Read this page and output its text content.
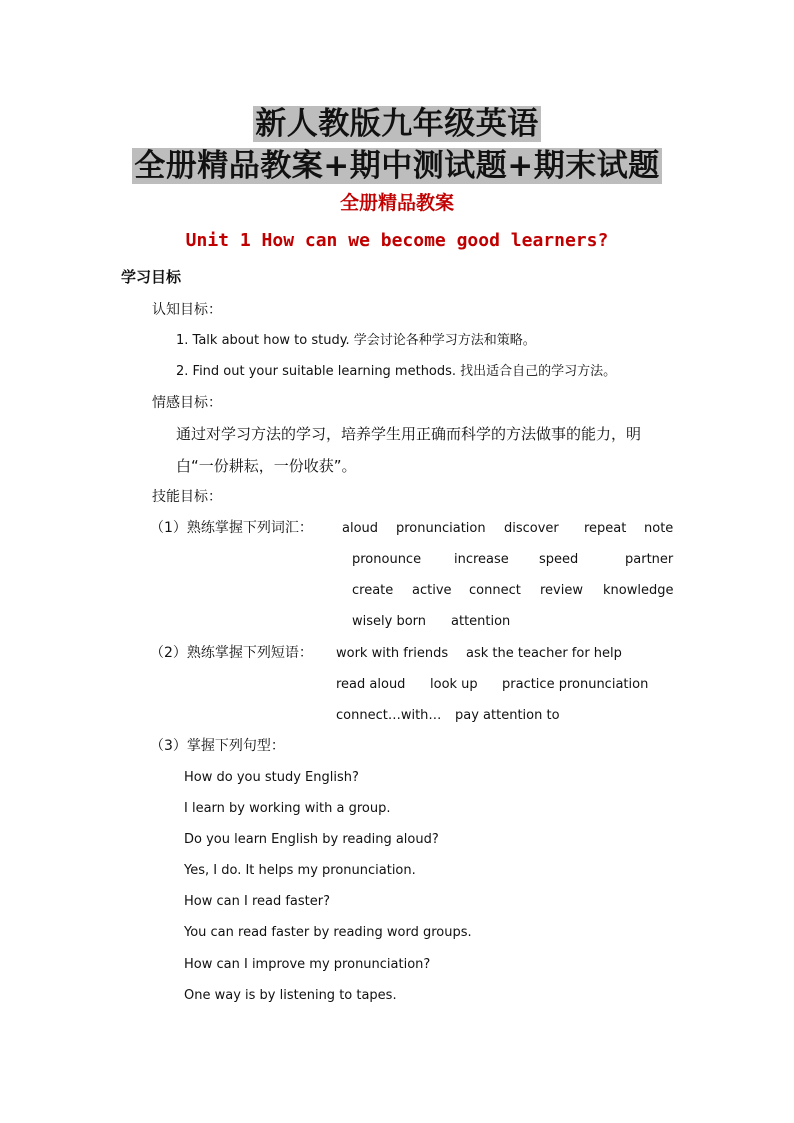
新人教版九年级英语
全册精品教案+期中测试题+期末试题
全册精品教案
Unit 1 How can we become good learners?
学习目标
认知目标：
1. Talk about how to study. 学会讨论各种学习方法和策略。
2. Find out your suitable learning methods. 找出适合自己的学习方法。
情感目标：
通过对学习方法的学习，培养学生用正确而科学的方法做事的能力，明
白“一份耕耘，一份收获”。
技能目标：
（1）熟练掌握下列词汇： aloud pronunciation discover repeat note
pronounce	increase speed	partner
create active connect review knowledge
wisely born attention
（2）熟练掌握下列短语： work with friends ask the teacher for help
read aloud look up practice pronunciation
connect…with… pay attention to
（3）掌握下列句型：
How do you study English?
I learn by working with a group.
Do you learn English by reading aloud?
Yes, I do. It helps my pronunciation.
How can I read faster?
You can read faster by reading word groups.
How can I improve my pronunciation?
One way is by listening to tapes.
